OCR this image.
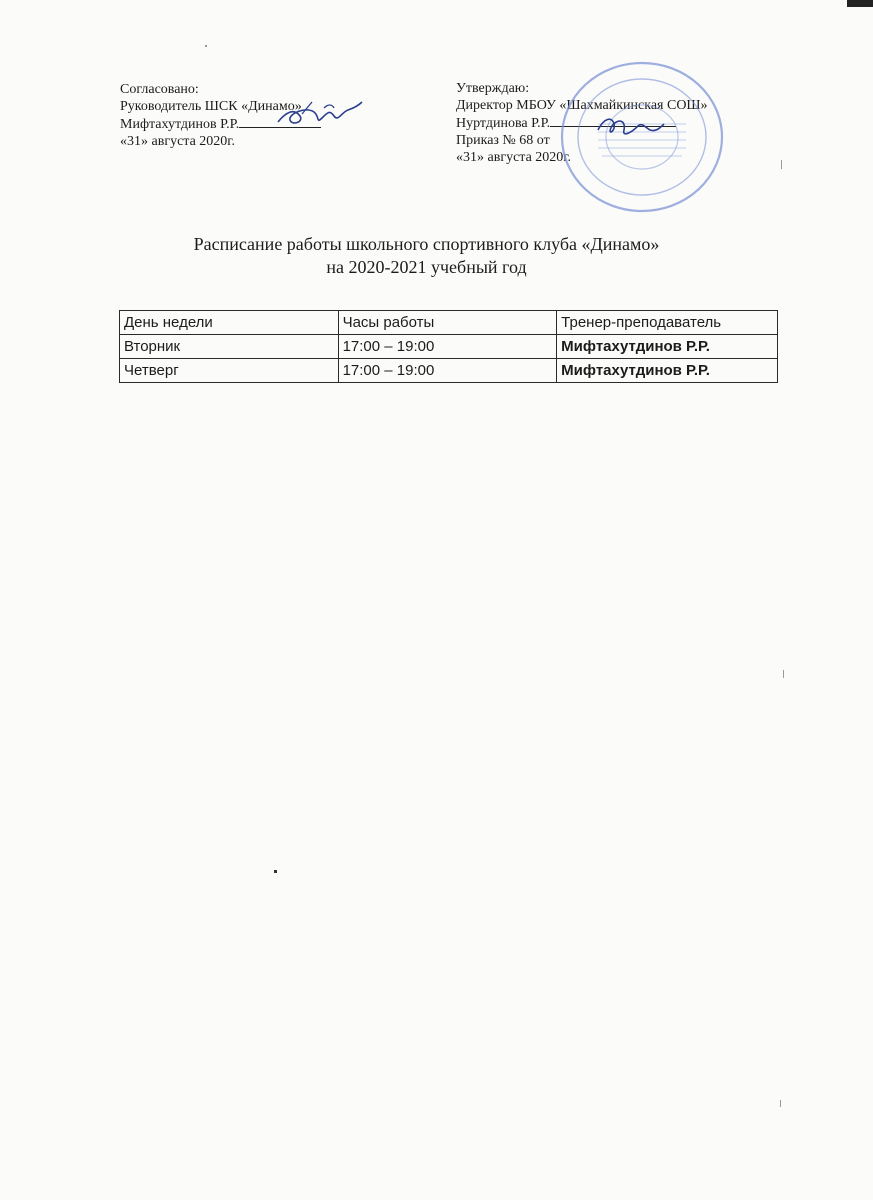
Согласовано:
Руководитель ШСК «Динамо»
Мифтахутдинов Р.Р.
«31» августа 2020г.
Утверждаю:
Директор МБОУ «Шахмайкинская СОШ»
Нуртдинова Р.Р.
Приказ № 68 от
«31» августа 2020г.
Расписание работы школьного спортивного клуба «Динамо»
на 2020-2021 учебный год
День недели	Часы работы	Тренер-преподаватель
Вторник	17:00 – 19:00	Мифтахутдинов Р.Р.
Четверг	17:00 – 19:00	Мифтахутдинов Р.Р.
